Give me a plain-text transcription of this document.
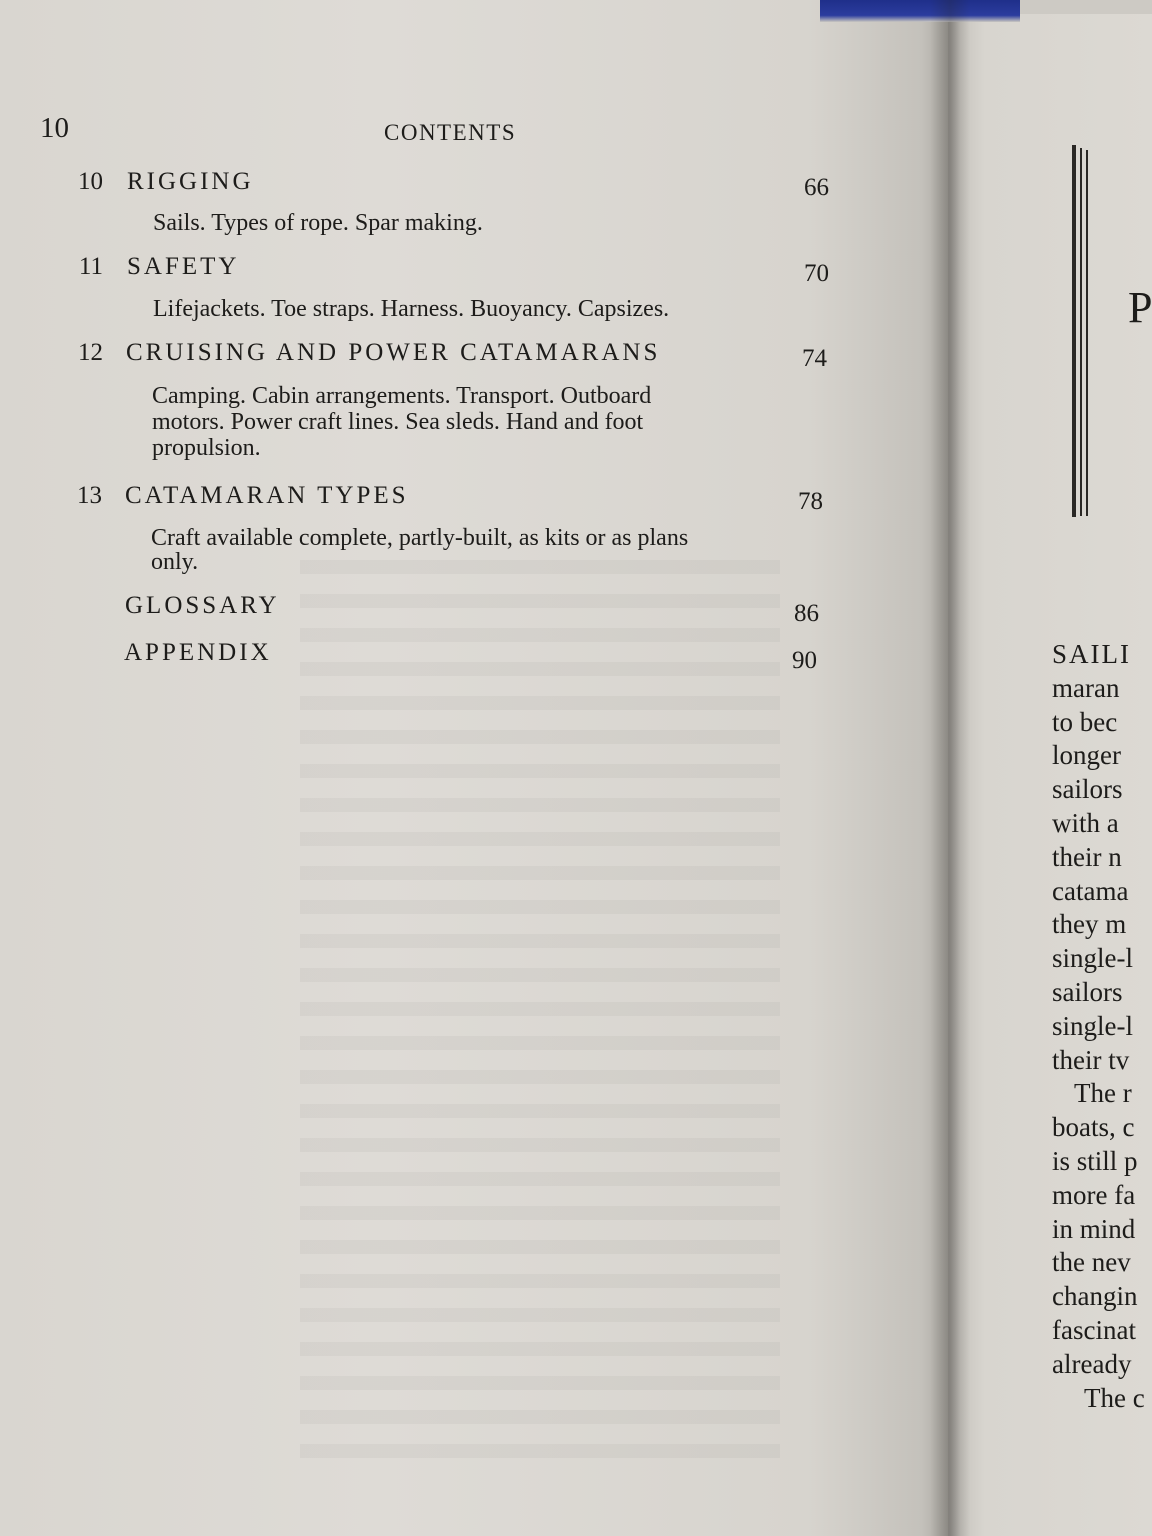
10	CONTENTS
10 RIGGING	66
Sails. Types of rope. Spar making.
11 SAFETY	70
Lifejackets. Toe straps. Harness. Buoyancy. Capsizes.
12 CRUISING AND POWER CATAMARANS	74
Camping. Cabin arrangements. Transport. Outboard
motors. Power craft lines. Sea sleds. Hand and foot
propulsion.
13 CATAMARAN TYPES	78
Craft available complete, partly-built, as kits or as plans
only.
GLOSSARY	86
APPENDIX	90
P
SAILI
maran
to bec
longer
sailors
with a
their n
catama
they m
single-l
sailors
single-l
their tv
The r
boats, c
is still p
more fa
in mind
the nev
changin
fascinat
already
The c
